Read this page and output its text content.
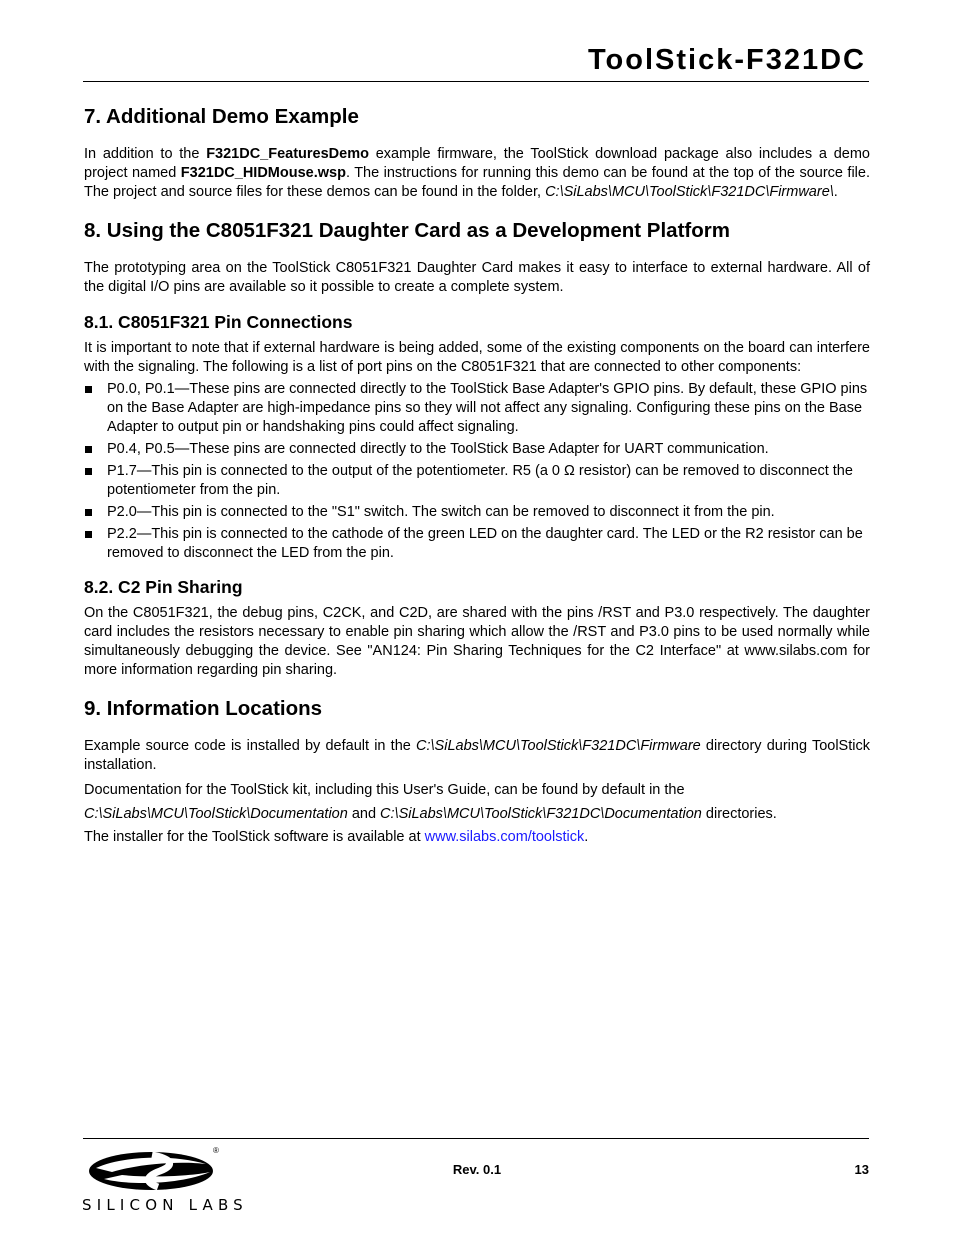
ToolStick-F321DC
7. Additional Demo Example

In addition to the F321DC_FeaturesDemo example firmware, the ToolStick download package also includes a demo project named F321DC_HIDMouse.wsp. The instructions for running this demo can be found at the top of the source file. The project and source files for these demos can be found in the folder, C:\SiLabs\MCU\ToolStick\F321DC\Firmware\.

8. Using the C8051F321 Daughter Card as a Development Platform

The prototyping area on the ToolStick C8051F321 Daughter Card makes it easy to interface to external hardware. All of the digital I/O pins are available so it possible to create a complete system.

8.1. C8051F321 Pin Connections

It is important to note that if external hardware is being added, some of the existing components on the board can interfere with the signaling. The following is a list of port pins on the C8051F321 that are connected to other components:

P0.0, P0.1—These pins are connected directly to the ToolStick Base Adapter's GPIO pins. By default, these GPIO pins on the Base Adapter are high-impedance pins so they will not affect any signaling. Configuring these pins on the Base Adapter to output pin or handshaking pins could affect signaling.
P0.4, P0.5—These pins are connected directly to the ToolStick Base Adapter for UART communication.
P1.7—This pin is connected to the output of the potentiometer. R5 (a 0 Ω resistor) can be removed to disconnect the potentiometer from the pin.
P2.0—This pin is connected to the "S1" switch. The switch can be removed to disconnect it from the pin.
P2.2—This pin is connected to the cathode of the green LED on the daughter card. The LED or the R2 resistor can be removed to disconnect the LED from the pin.
8.2. C2 Pin Sharing

On the C8051F321, the debug pins, C2CK, and C2D, are shared with the pins /RST and P3.0 respectively. The daughter card includes the resistors necessary to enable pin sharing which allow the /RST and P3.0 pins to be used normally while simultaneously debugging the device. See "AN124: Pin Sharing Techniques for the C2 Interface" at www.silabs.com for more information regarding pin sharing.

9. Information Locations

Example source code is installed by default in the C:\SiLabs\MCU\ToolStick\F321DC\Firmware directory during ToolStick installation.

Documentation for the ToolStick kit, including this User's Guide, can be found by default in the

C:\SiLabs\MCU\ToolStick\Documentation and C:\SiLabs\MCU\ToolStick\F321DC\Documentation directories.

The installer for the ToolStick software is available at www.silabs.com/toolstick.

®
SILICON LABS
Rev. 0.1	13
